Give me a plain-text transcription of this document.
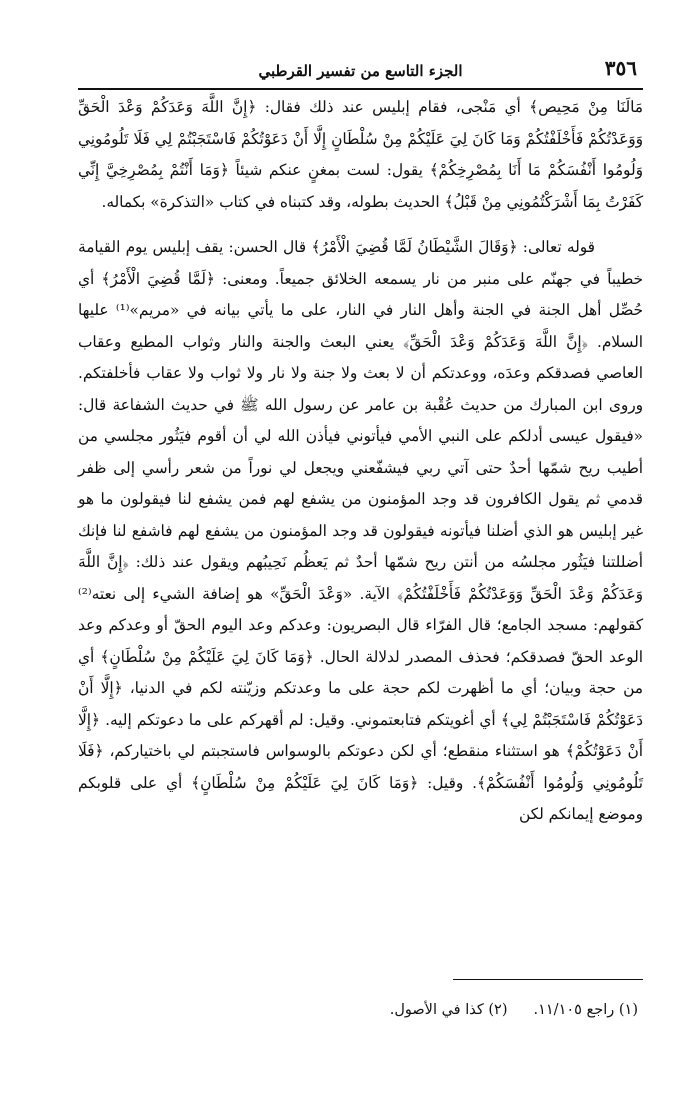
٣٥٦
الجزء التاسع من تفسير القرطبي

مَالَنَا مِنْ مَحِيص﴾ أي مَنْجى، فقام إبليس عند ذلك فقال: ﴿إِنَّ اللَّهَ وَعَدَكُمْ وَعْدَ الْحَقِّ وَوَعَدْتُكُمْ فَأَخْلَفْتُكُمْ وَمَا كَانَ لِيَ عَلَيْكُمْ مِنْ سُلْطَانٍ إِلَّا أَنْ دَعَوْتُكُمْ فَاسْتَجَبْتُمْ لِي فَلَا تَلُومُونِي وَلُومُوا أَنْفُسَكُمْ مَا أَنَا بِمُصْرِخِكُمْ﴾ يقول: لست بمغنٍ عنكم شيئاً ﴿وَمَا أَنْتُمْ بِمُصْرِخِيَّ إِنِّي كَفَرْتُ بِمَا أَشْرَكْتُمُونِي مِنْ قَبْلُ﴾ الحديث بطوله، وقد كتبناه في كتاب «التذكرة» بكماله.

قوله تعالى: ﴿وَقَالَ الشَّيْطَانُ لَمَّا قُضِيَ الْأَمْرُ﴾ قال الحسن: يقف إبليس يوم القيامة خطيباً في جهنّم على منبر من نار يسمعه الخلائق جميعاً. ومعنى: ﴿لَمَّا قُضِيَ الْأَمْرُ﴾ أي حُصِّل أهل الجنة في الجنة وأهل النار في النار، على ما يأتي بيانه في «مريم»⁽¹⁾ عليها السلام. ﴿إِنَّ اللَّهَ وَعَدَكُمْ وَعْدَ الْحَقِّ﴾ يعني البعث والجنة والنار وثواب المطيع وعقاب العاصي فصدقكم وعدَه، ووعدتكم أن لا بعث ولا جنة ولا نار ولا ثواب ولا عقاب فأخلفتكم. وروى ابن المبارك من حديث عُقْبة بن عامر عن رسول الله ﷺ في حديث الشفاعة قال: «فيقول عيسى أدلكم على النبي الأمي فيأتوني فيأذن الله لي أن أقوم فيَثُور مجلسي من أطيب ريح شمّها أحدٌ حتى آتي ربي فيشفّعني ويجعل لي نوراً من شعر رأسي إلى ظفر قدمي ثم يقول الكافرون قد وجد المؤمنون من يشفع لهم فمن يشفع لنا فيقولون ما هو غير إبليس هو الذي أضلنا فيأتونه فيقولون قد وجد المؤمنون من يشفع لهم فاشفع لنا فإنك أضللتنا فيَثُور مجلسُه من أنتن ريح شمّها أحدٌ ثم يَعظُم نَحِيبُهم ويقول عند ذلك: ﴿إِنَّ اللَّهَ وَعَدَكُمْ وَعْدَ الْحَقِّ وَوَعَدْتُكُمْ فَأَخْلَفْتُكُمْ﴾ الآية. «وَعْدَ الْحَقِّ» هو إضافة الشيء إلى نعته⁽²⁾ كقولهم: مسجد الجامع؛ قال الفرّاء قال البصريون: وعدكم وعد اليوم الحقّ أو وعدكم وعد الوعد الحقّ فصدقكم؛ فحذف المصدر لدلالة الحال. ﴿وَمَا كَانَ لِيَ عَلَيْكُمْ مِنْ سُلْطَانٍ﴾ أي من حجة وبيان؛ أي ما أظهرت لكم حجة على ما وعدتكم وزيّنته لكم في الدنيا، ﴿إِلَّا أَنْ دَعَوْتُكُمْ فَاسْتَجَبْتُمْ لِي﴾ أي أغويتكم فتابعتموني. وقيل: لم أقهركم على ما دعوتكم إليه. ﴿إِلَّا أَنْ دَعَوْتُكُمْ﴾ هو استثناء منقطع؛ أي لكن دعوتكم بالوسواس فاستجبتم لي باختياركم، ﴿فَلَا تَلُومُونِي وَلُومُوا أَنْفُسَكُمْ﴾. وقيل: ﴿وَمَا كَانَ لِيَ عَلَيْكُمْ مِنْ سُلْطَانٍ﴾ أي على قلوبكم وموضع إيمانكم لكن

(١) راجع ١١/١٠٥.(٢) كذا في الأصول.
